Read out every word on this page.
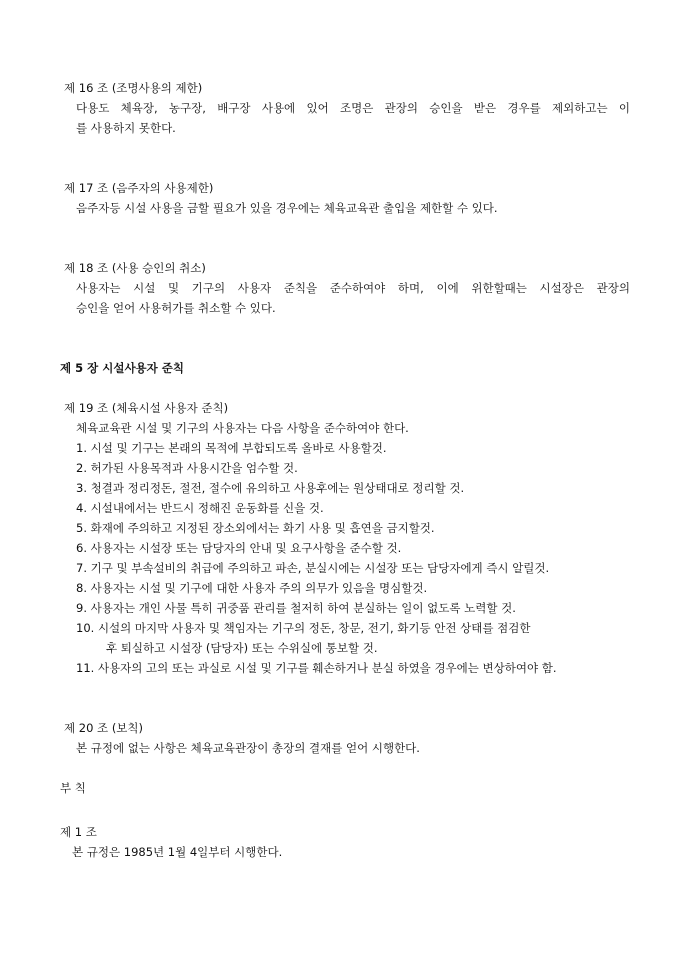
제 16 조 (조명사용의 제한)
다용도 체육장, 농구장, 배구장 사용에 있어 조명은 관장의 승인을 받은 경우를 제외하고는 이
를 사용하지 못한다.
제 17 조 (음주자의 사용제한)
음주자등 시설 사용을 금할 필요가 있을 경우에는 체육교육관 출입을 제한할 수 있다.
제 18 조 (사용 승인의 취소)
사용자는 시설 및 기구의 사용자 준칙을 준수하여야 하며, 이에 위한할때는 시설장은 관장의
승인을 얻어 사용허가를 취소할 수 있다.
제 5 장 시설사용자 준칙
제 19 조 (체육시설 사용자 준칙)
체육교육관 시설 및 기구의 사용자는 다음 사항을 준수하여야 한다.
1. 시설 및 기구는 본래의 목적에 부합되도록 올바로 사용할것.
2. 허가된 사용목적과 사용시간을 엄수할 것.
3. 청결과 정리정돈, 절전, 절수에 유의하고 사용후에는 원상태대로 정리할 것.
4. 시설내에서는 반드시 정해진 운동화를 신을 것.
5. 화재에 주의하고 지정된 장소외에서는 화기 사용 및 흡연을 금지할것.
6. 사용자는 시설장 또는 담당자의 안내 및 요구사항을 준수할 것.
7. 기구 및 부속설비의 취급에 주의하고 파손, 분실시에는 시설장 또는 담당자에게 즉시 알릴것.
8. 사용자는 시설 및 기구에 대한 사용자 주의 의무가 있음을 명심할것.
9. 사용자는 개인 사물 특히 귀중품 관리를 철저히 하여 분실하는 일이 없도록 노력할 것.
10. 시설의 마지막 사용자 및 책임자는 기구의 정돈, 창문, 전기, 화기등 안전 상태를 점검한
후 퇴실하고 시설장 (담당자) 또는 수위실에 통보할 것.
11. 사용자의 고의 또는 과실로 시설 및 기구를 훼손하거나 분실 하였을 경우에는 변상하여야 함.
제 20 조 (보칙)
본 규정에 없는 사항은 체육교육관장이 총장의 결재를 얻어 시행한다.
부 칙
제 1 조
본 규정은 1985년 1월 4일부터 시행한다.
